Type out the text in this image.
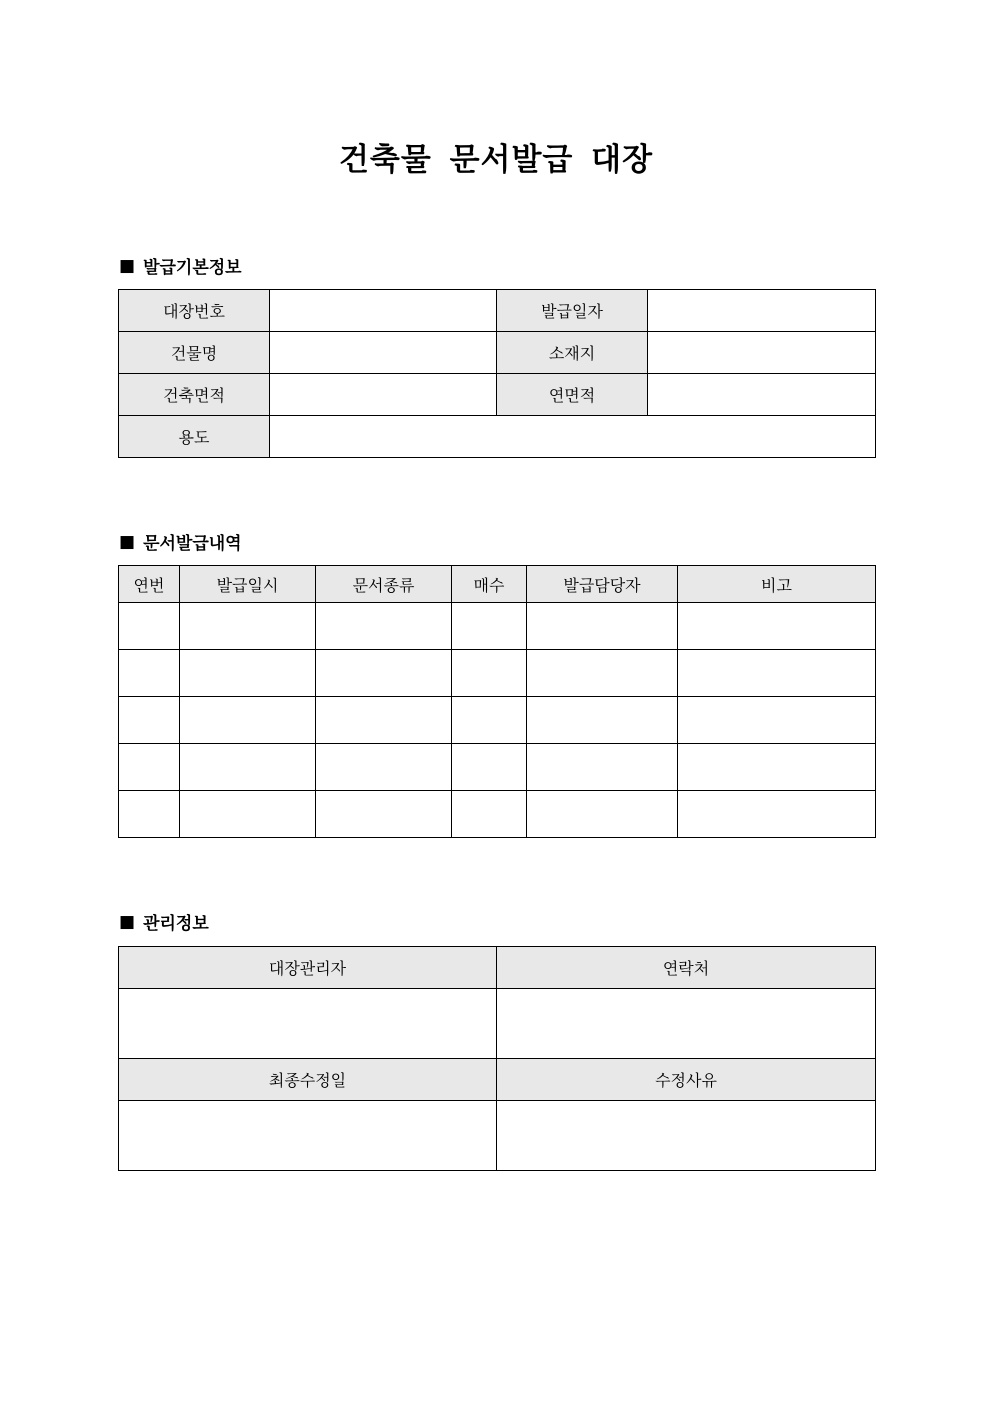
건축물 문서발급 대장
■ 발급기본정보
대장번호		발급일자	
건물명		소재지	
건축면적		연면적	
용도			
■ 문서발급내역
연번	발급일시	문서종류	매수	발급담당자	비고

■ 관리정보
대장관리자	연락처

최종수정일	수정사유
